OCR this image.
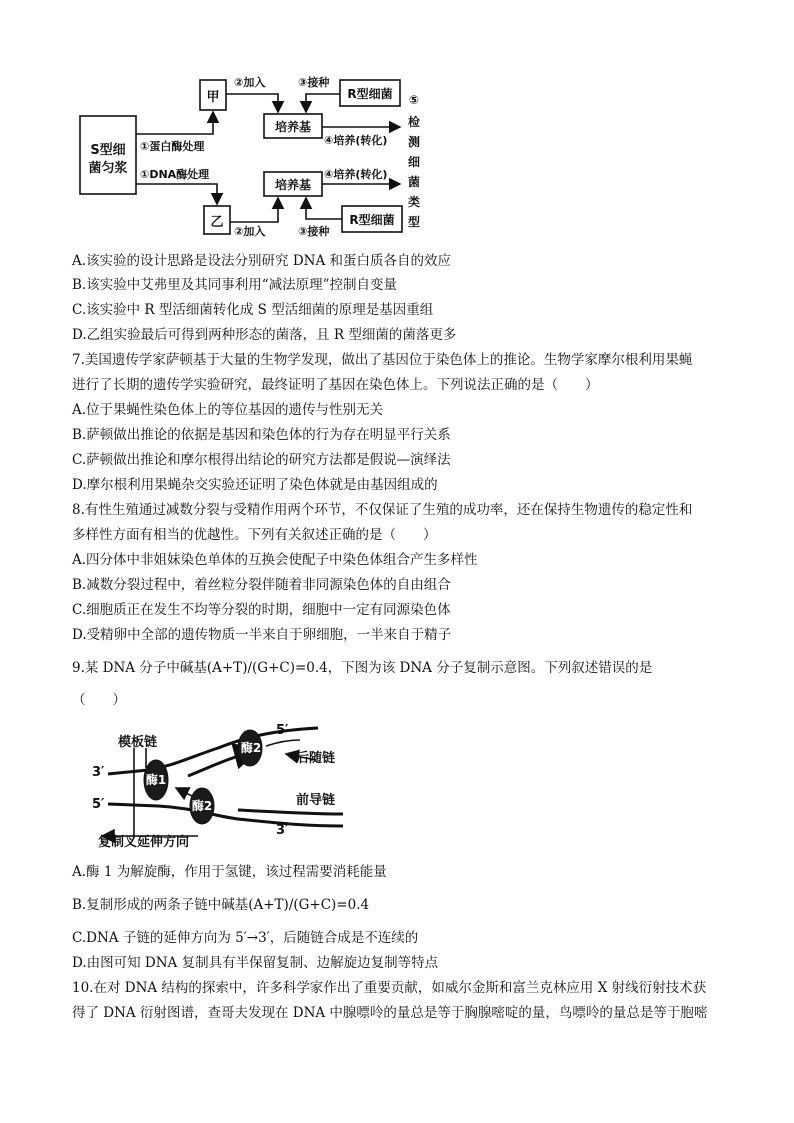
S型细
菌匀浆
甲
乙
培养基
培养基
R型细菌
R型细菌
①蛋白酶处理
①DNA酶处理
②加入	③接种
④培养(转化)
④培养(转化)
②加入	③接种
⑤
检
测
细
菌
类
型
A.该实验的设计思路是设法分别研究 DNA 和蛋白质各自的效应
B.该实验中艾弗里及其同事利用“减法原理”控制自变量
C.该实验中 R 型活细菌转化成 S 型活细菌的原理是基因重组
D.乙组实验最后可得到两种形态的菌落，且 R 型细菌的菌落更多
7.美国遗传学家萨顿基于大量的生物学发现，做出了基因位于染色体上的推论。生物学家摩尔根利用果蝇
进行了长期的遗传学实验研究，最终证明了基因在染色体上。下列说法正确的是（　　）
A.位于果蝇性染色体上的等位基因的遗传与性别无关
B.萨顿做出推论的依据是基因和染色体的行为存在明显平行关系
C.萨顿做出推论和摩尔根得出结论的研究方法都是假说—演绎法
D.摩尔根利用果蝇杂交实验还证明了染色体就是由基因组成的
8.有性生殖通过减数分裂与受精作用两个环节，不仅保证了生殖的成功率，还在保持生物遗传的稳定性和
多样性方面有相当的优越性。下列有关叙述正确的是（　　）
A.四分体中非姐妹染色单体的互换会使配子中染色体组合产生多样性
B.减数分裂过程中，着丝粒分裂伴随着非同源染色体的自由组合
C.细胞质正在发生不均等分裂的时期，细胞中一定有同源染色体
D.受精卵中全部的遗传物质一半来自于卵细胞，一半来自于精子
9.某 DNA 分子中碱基(A+T)/(G+C)=0.4，下图为该 DNA 分子复制示意图。下列叙述错误的是
（　　）
酶1
酶2
酶2
模板链
3′
5′
5′
后随链
前导链
3′
复制叉延伸方向
A.酶 1 为解旋酶，作用于氢键，该过程需要消耗能量
B.复制形成的两条子链中碱基(A+T)/(G+C)=0.4
C.DNA 子链的延伸方向为 5′→3′，后随链合成是不连续的
D.由图可知 DNA 复制具有半保留复制、边解旋边复制等特点
10.在对 DNA 结构的探索中，许多科学家作出了重要贡献，如威尔金斯和富兰克林应用 X 射线衍射技术获
得了 DNA 衍射图谱，查哥夫发现在 DNA 中腺嘌呤的量总是等于胸腺嘧啶的量，鸟嘌呤的量总是等于胞嘧
